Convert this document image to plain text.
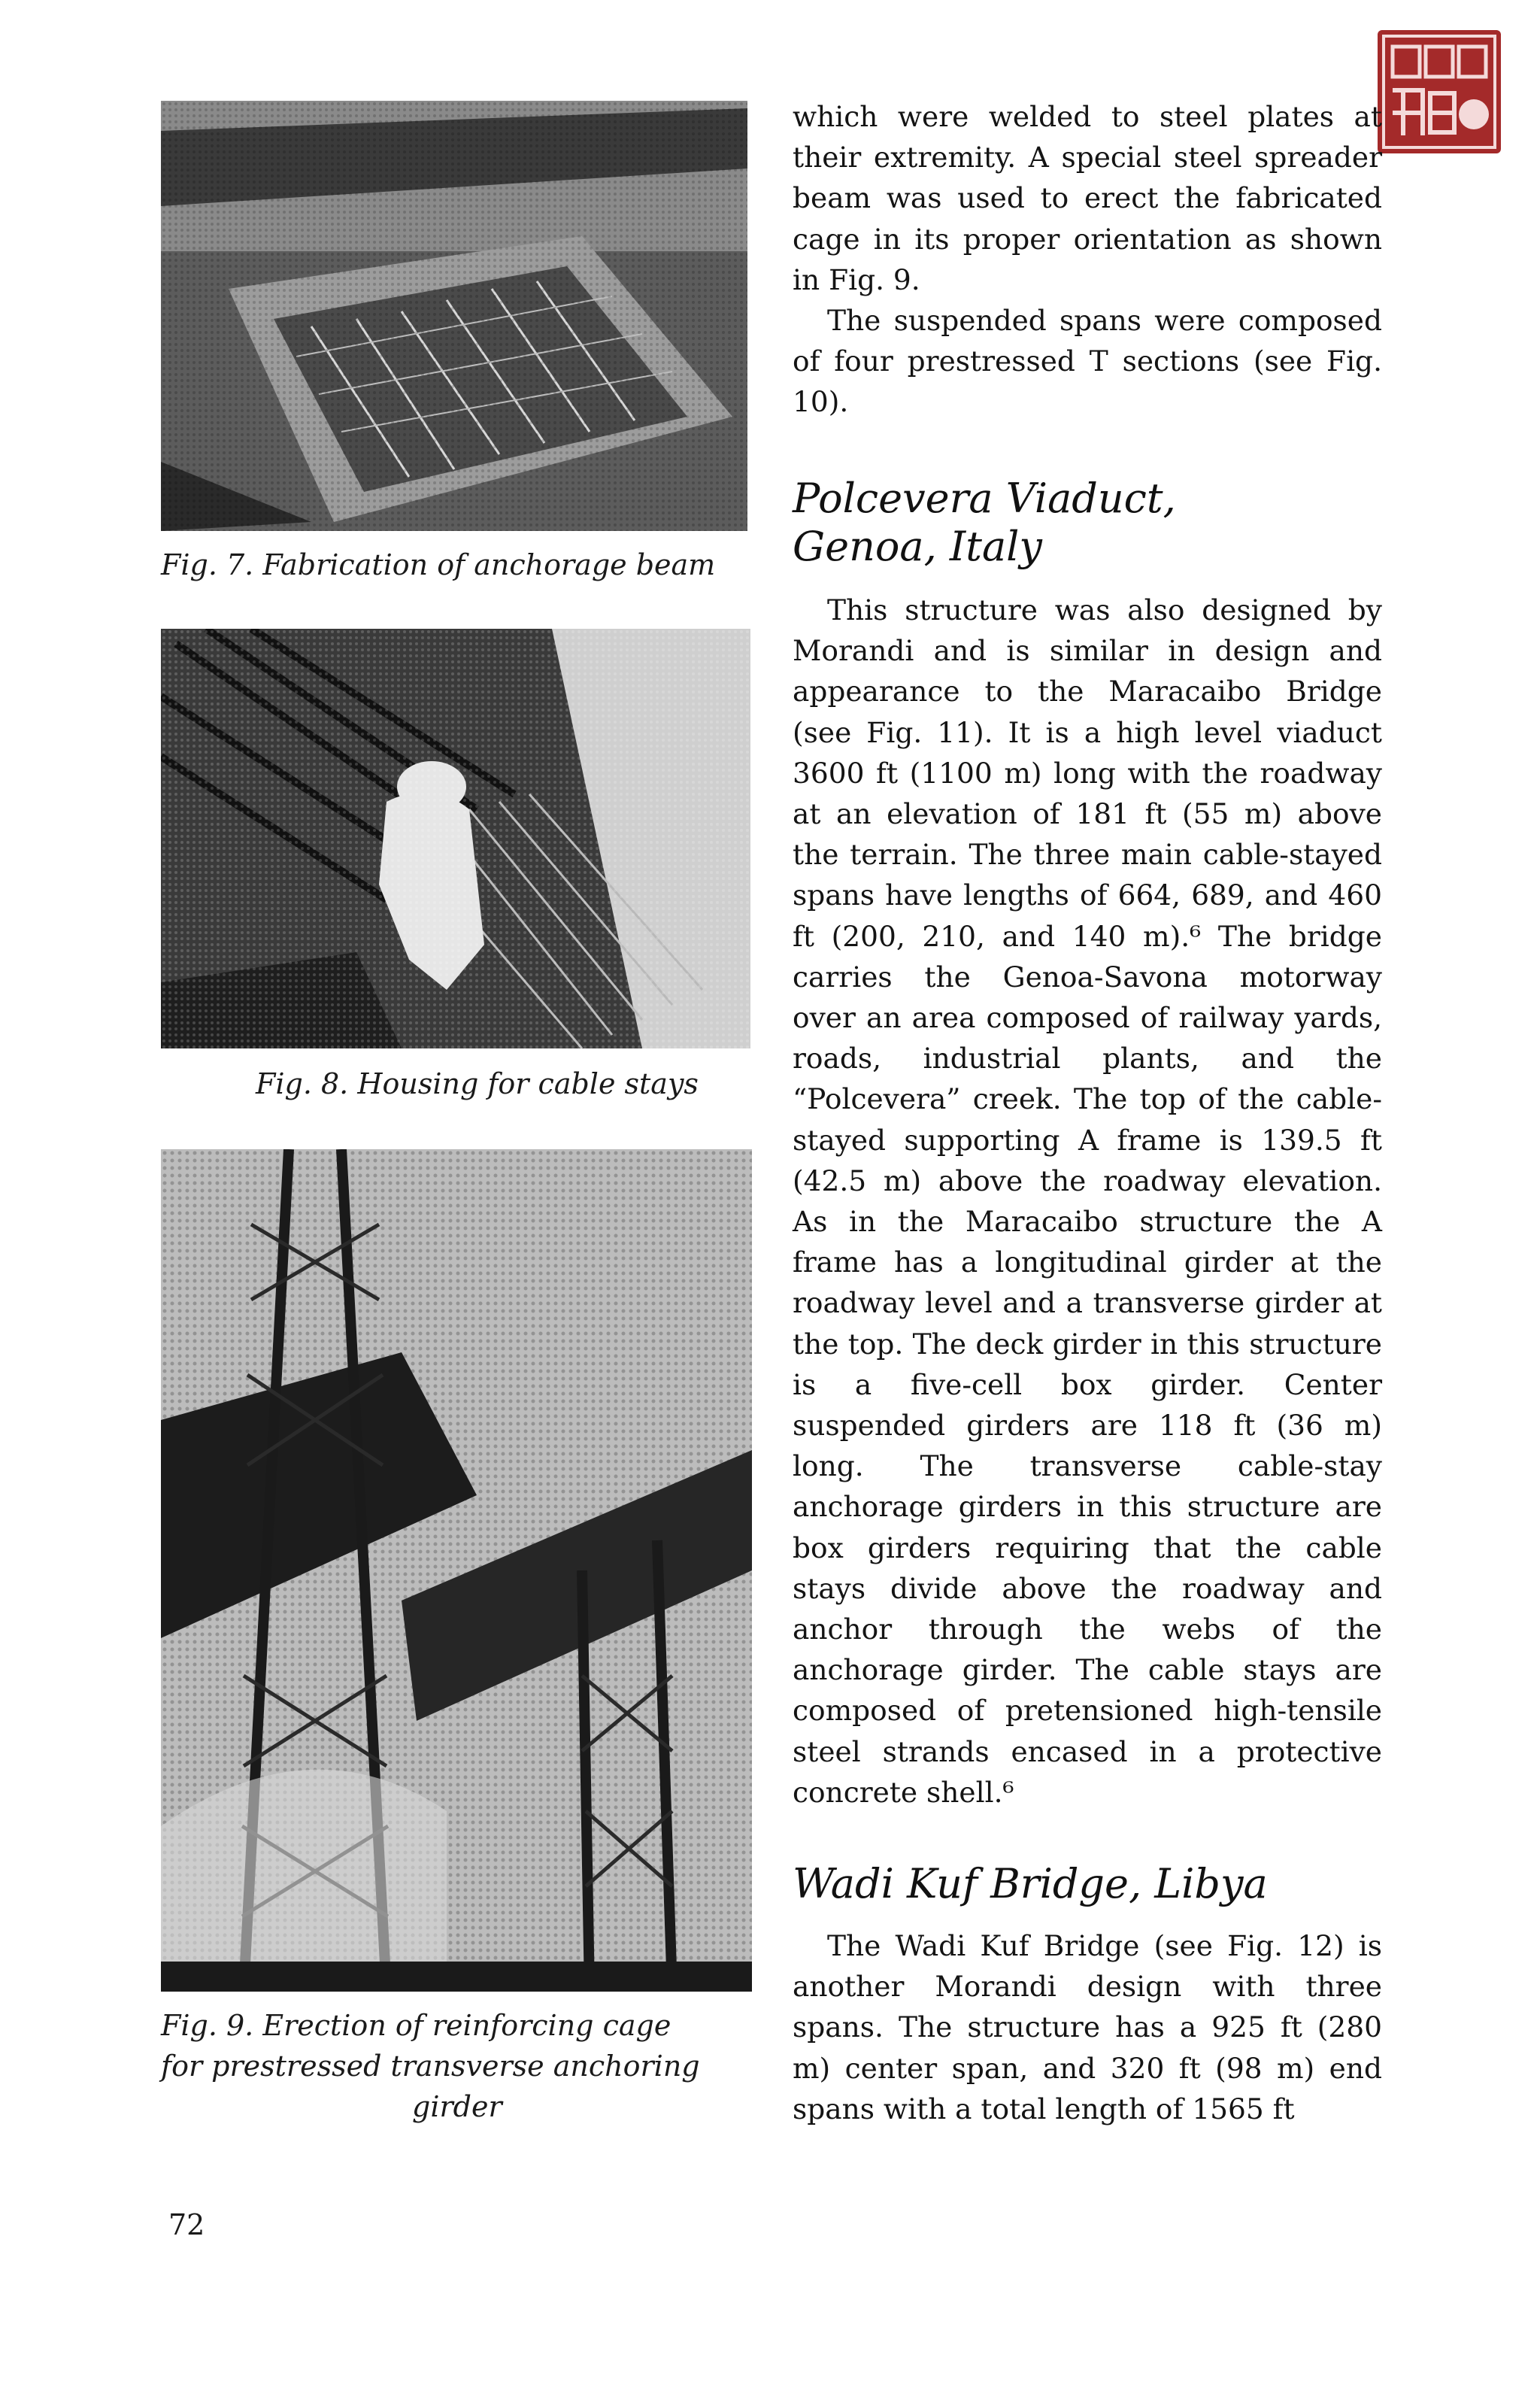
Fig. 7. Fabrication of anchorage beam
Fig. 8. Housing for cable stays
Fig. 9. Erection of reinforcing cage
for prestressed transverse anchoring
girder

which were welded to steel plates at their extremity. A special steel spreader beam was used to erect the fabricated cage in its proper orientation as shown in Fig. 9.

The suspended spans were composed of four prestressed T sections (see Fig. 10).

Polcevera Viaduct,
Genoa, Italy

This structure was also designed by Morandi and is similar in design and appearance to the Maracaibo Bridge (see Fig. 11). It is a high level viaduct 3600 ft (1100 m) long with the roadway at an elevation of 181 ft (55 m) above the terrain. The three main cable-stayed spans have lengths of 664, 689, and 460 ft (200, 210, and 140 m).⁶ The bridge carries the Genoa-Savona motorway over an area composed of railway yards, roads, industrial plants, and the “Polcevera” creek. The top of the cable-stayed supporting A frame is 139.5 ft (42.5 m) above the roadway elevation. As in the Maracaibo structure the A frame has a longitudinal girder at the roadway level and a transverse girder at the top. The deck girder in this structure is a five-cell box girder. Center suspended girders are 118 ft (36 m) long. The transverse cable-stay anchorage girders in this structure are box girders requiring that the cable stays divide above the roadway and anchor through the webs of the anchorage girder. The cable stays are composed of pretensioned high-tensile steel strands encased in a protective concrete shell.⁶

Wadi Kuf Bridge, Libya

The Wadi Kuf Bridge (see Fig. 12) is another Morandi design with three spans. The structure has a 925 ft (280 m) center span, and 320 ft (98 m) end spans with a total length of 1565 ft

72
